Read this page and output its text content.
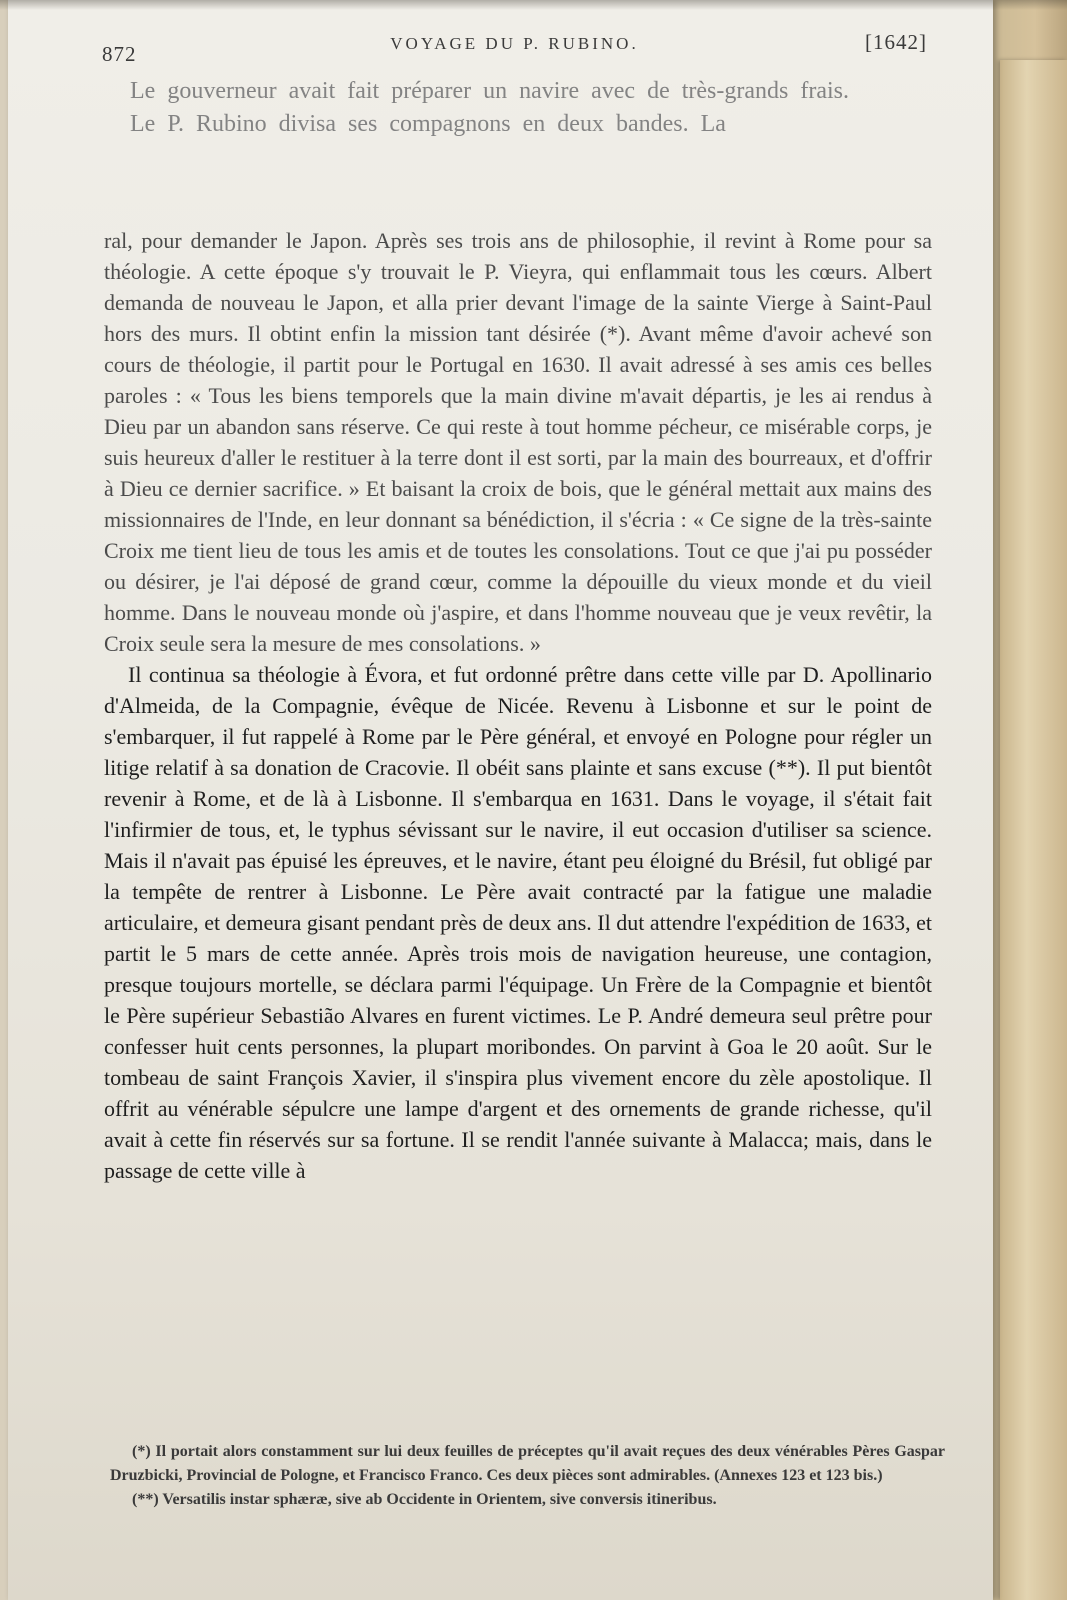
872	VOYAGE DU P. RUBINO.	[1642]

Le gouverneur avait fait préparer un navire avec de très-grands frais.

Le P. Rubino divisa ses compagnons en deux bandes. La

ral, pour demander le Japon. Après ses trois ans de philosophie, il revint à Rome pour sa théologie. A cette époque s'y trouvait le P. Vieyra, qui enflammait tous les cœurs. Albert demanda de nouveau le Japon, et alla prier devant l'image de la sainte Vierge à Saint-Paul hors des murs. Il obtint enfin la mission tant désirée (*). Avant même d'avoir achevé son cours de théologie, il partit pour le Portugal en 1630. Il avait adressé à ses amis ces belles paroles : « Tous les biens temporels que la main divine m'avait départis, je les ai rendus à Dieu par un abandon sans réserve. Ce qui reste à tout homme pécheur, ce misérable corps, je suis heureux d'aller le restituer à la terre dont il est sorti, par la main des bourreaux, et d'offrir à Dieu ce dernier sacrifice. » Et baisant la croix de bois, que le général mettait aux mains des missionnaires de l'Inde, en leur donnant sa bénédiction, il s'écria : « Ce signe de la très-sainte Croix me tient lieu de tous les amis et de toutes les consolations. Tout ce que j'ai pu posséder ou désirer, je l'ai déposé de grand cœur, comme la dépouille du vieux monde et du vieil homme. Dans le nouveau monde où j'aspire, et dans l'homme nouveau que je veux revêtir, la Croix seule sera la mesure de mes consolations. »

Il continua sa théologie à Évora, et fut ordonné prêtre dans cette ville par D. Apollinario d'Almeida, de la Compagnie, évêque de Nicée. Revenu à Lisbonne et sur le point de s'embarquer, il fut rappelé à Rome par le Père général, et envoyé en Pologne pour régler un litige relatif à sa donation de Cracovie. Il obéit sans plainte et sans excuse (**). Il put bientôt revenir à Rome, et de là à Lisbonne. Il s'embarqua en 1631. Dans le voyage, il s'était fait l'infirmier de tous, et, le typhus sévissant sur le navire, il eut occasion d'utiliser sa science. Mais il n'avait pas épuisé les épreuves, et le navire, étant peu éloigné du Brésil, fut obligé par la tempête de rentrer à Lisbonne. Le Père avait contracté par la fatigue une maladie articulaire, et demeura gisant pendant près de deux ans. Il dut attendre l'expédition de 1633, et partit le 5 mars de cette année. Après trois mois de navigation heureuse, une contagion, presque toujours mortelle, se déclara parmi l'équipage. Un Frère de la Compagnie et bientôt le Père supérieur Sebastião Alvares en furent victimes. Le P. André demeura seul prêtre pour confesser huit cents personnes, la plupart moribondes. On parvint à Goa le 20 août. Sur le tombeau de saint François Xavier, il s'inspira plus vivement encore du zèle apostolique. Il offrit au vénérable sépulcre une lampe d'argent et des ornements de grande richesse, qu'il avait à cette fin réservés sur sa fortune. Il se rendit l'année suivante à Malacca; mais, dans le passage de cette ville à

(*) Il portait alors constamment sur lui deux feuilles de préceptes qu'il avait reçues des deux vénérables Pères Gaspar Druzbicki, Provincial de Pologne, et Francisco Franco. Ces deux pièces sont admirables. (Annexes 123 et 123 bis.)

(**) Versatilis instar sphæræ, sive ab Occidente in Orientem, sive conversis itineribus.
